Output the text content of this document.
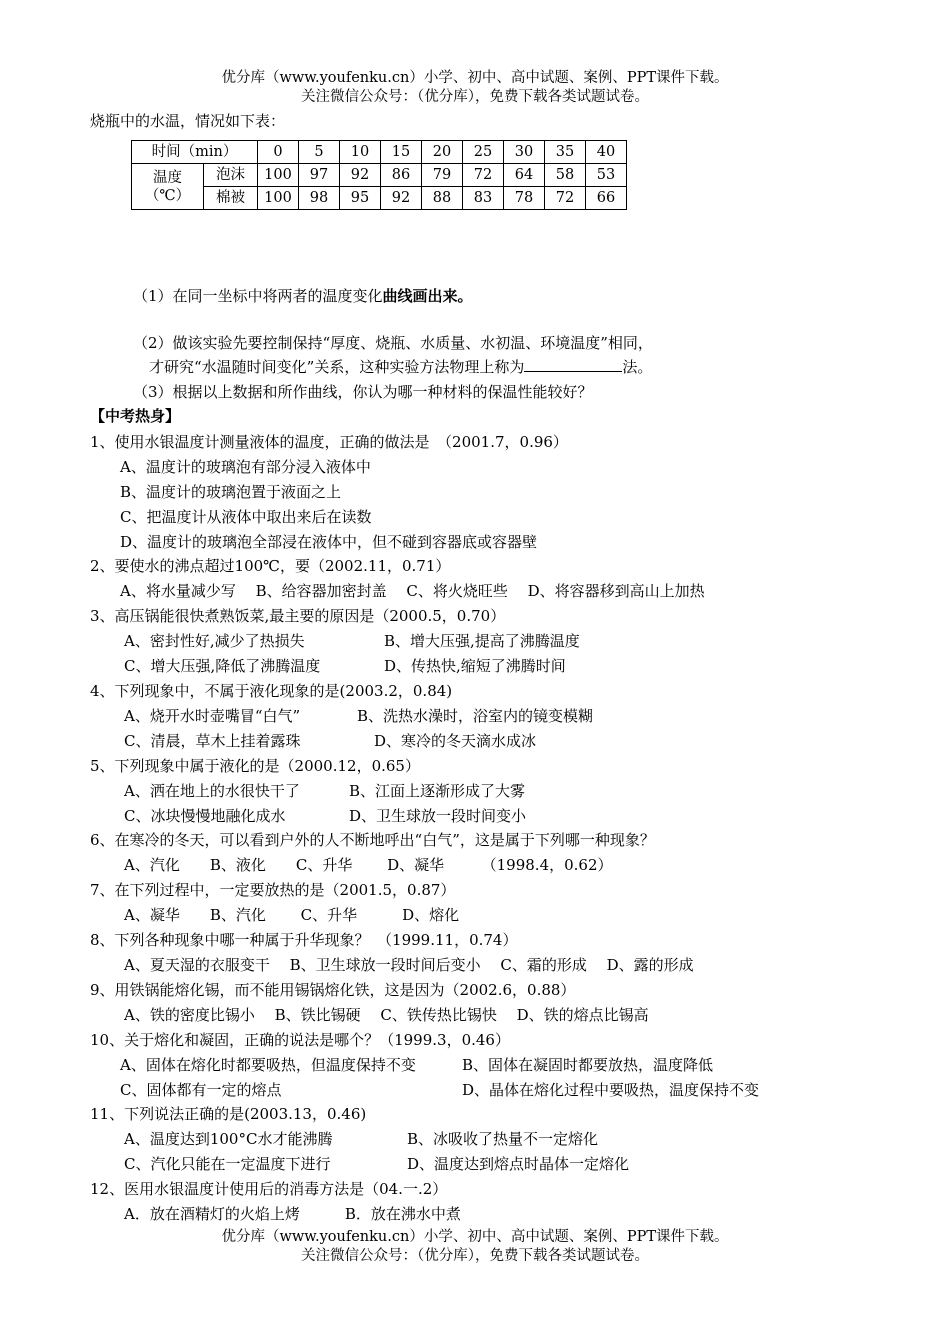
优分库（www.youfenku.cn）小学、初中、高中试题、案例、PPT课件下载。
关注微信公众号：（优分库），免费下载各类试题试卷。
烧瓶中的水温，情况如下表：
时间（min）		0	5	10	15	20	25	30	35	40

温度
（℃）	泡沫	100	97	92	86	79	72	64	58	53
	棉被	100	98	95	92	88	83	78	72	66
（1）在同一坐标中将两者的温度变化曲线画出来。
（2）做该实验先要控制保持“厚度、烧瓶、水质量、水初温、环境温度”相同，
才研究“水温随时间变化”关系，这种实验方法物理上称为	法。
（3）根据以上数据和所作曲线，你认为哪一种材料的保温性能较好？
【中考热身】
1、使用水银温度计测量液体的温度，正确的做法是　（2001.7，0.96）
A、温度计的玻璃泡有部分浸入液体中
B、温度计的玻璃泡置于液面之上
C、把温度计从液体中取出来后在读数
D、温度计的玻璃泡全部浸在液体中，但不碰到容器底或容器壁
2、要使水的沸点超过100℃，要（2002.11，0.71）
A、将水量减少写　 B、给容器加密封盖　 C、将火烧旺些　 D、将容器移到高山上加热
3、高压锅能很快煮熟饭菜,最主要的原因是（2000.5，0.70）
A、密封性好,减少了热损失	B、增大压强,提高了沸腾温度
C、增大压强,降低了沸腾温度	D、传热快,缩短了沸腾时间
4、下列现象中，不属于液化现象的是(2003.2，0.84)
A、烧开水时壶嘴冒“白气”	B、洗热水澡时，浴室内的镜变模糊
C、清晨，草木上挂着露珠	D、寒冷的冬天滴水成冰
5、下列现象中属于液化的是（2000.12，0.65）
A、洒在地上的水很快干了	B、江面上逐渐形成了大雾
C、冰块慢慢地融化成水	D、卫生球放一段时间变小
6、在寒冷的冬天，可以看到户外的人不断地呼出“白气”，这是属于下列哪一种现象？
A、汽化　　B、液化　　C、升华　　 D、凝华　　　（1998.4，0.62）
7、在下列过程中，一定要放热的是（2001.5，0.87）
A、凝华　　B、汽化　　 C、升华　　　D、熔化
8、下列各种现象中哪一种属于升华现象？　（1999.11，0.74）
A、夏天湿的衣服变干　 B、卫生球放一段时间后变小　 C、霜的形成　 D、露的形成
9、用铁锅能熔化锡，而不能用锡锅熔化铁，这是因为（2002.6，0.88）
A、铁的密度比锡小　 B、铁比锡硬　 C、铁传热比锡快　 D、铁的熔点比锡高
10、关于熔化和凝固，正确的说法是哪个？（1999.3，0.46）
A、固体在熔化时都要吸热，但温度保持不变	B、固体在凝固时都要放热，温度降低
C、固体都有一定的熔点	D、晶体在熔化过程中要吸热，温度保持不变
11、下列说法正确的是(2003.13，0.46)
A、温度达到100°C水才能沸腾	B、冰吸收了热量不一定熔化
C、汽化只能在一定温度下进行	D、温度达到熔点时晶体一定熔化
12、医用水银温度计使用后的消毒方法是（04.一.2）
A．放在酒精灯的火焰上烤　　　B．放在沸水中煮
优分库（www.youfenku.cn）小学、初中、高中试题、案例、PPT课件下载。
关注微信公众号：（优分库），免费下载各类试题试卷。
